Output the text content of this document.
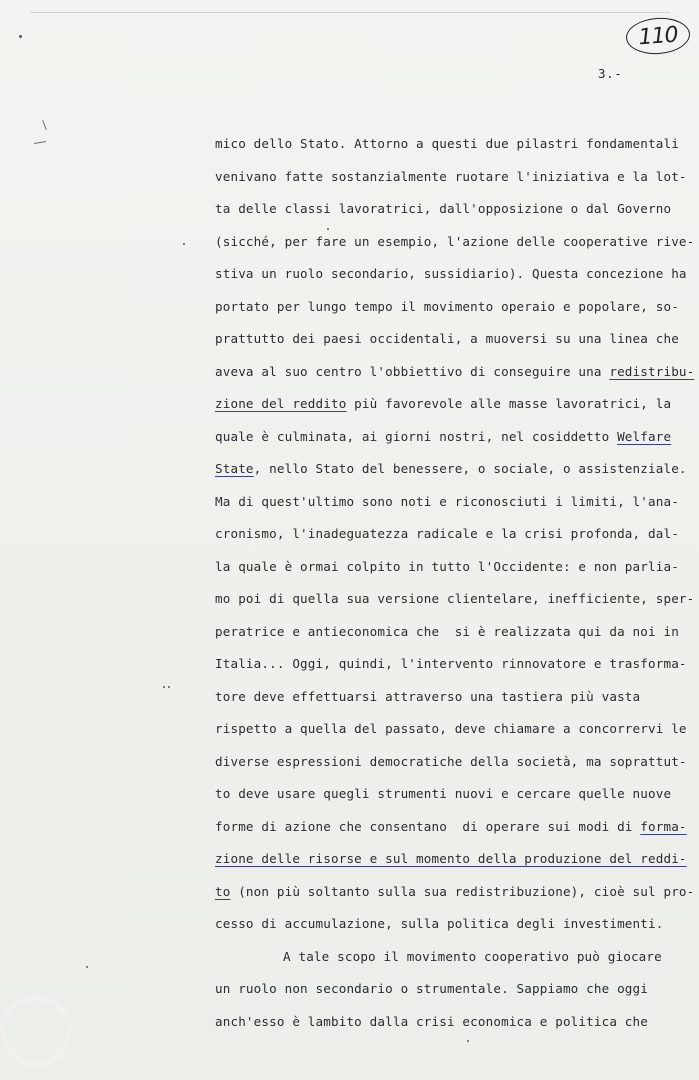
110
3.-
mico dello Stato. Attorno a questi due pilastri fondamentali
venivano fatte sostanzialmente ruotare l'iniziativa e la lot-
ta delle classi lavoratrici, dall'opposizione o dal Governo
(sicché, per fare un esempio, l'azione delle cooperative rive-
stiva un ruolo secondario, sussidiario). Questa concezione ha
portato per lungo tempo il movimento operaio e popolare, so-
prattutto dei paesi occidentali, a muoversi su una linea che
aveva al suo centro l'obbiettivo di conseguire una redistribu-
zione del reddito più favorevole alle masse lavoratrici, la
quale è culminata, ai giorni nostri, nel cosiddetto Welfare
State, nello Stato del benessere, o sociale, o assistenziale.
Ma di quest'ultimo sono noti e riconosciuti i limiti, l'ana-
cronismo, l'inadeguatezza radicale e la crisi profonda, dal-
la quale è ormai colpito in tutto l'Occidente: e non parlia-
mo poi di quella sua versione clientelare, inefficiente, sper-
peratrice e antieconomica che  si è realizzata qui da noi in
Italia... Oggi, quindi, l'intervento rinnovatore e trasforma-
tore deve effettuarsi attraverso una tastiera più vasta
rispetto a quella del passato, deve chiamare a concorrervi le
diverse espressioni democratiche della società, ma soprattut-
to deve usare quegli strumenti nuovi e cercare quelle nuove
forme di azione che consentano  di operare sui modi di forma-
zione delle risorse e sul momento della produzione del reddi-
to (non più soltanto sulla sua redistribuzione), cioè sul pro-
cesso di accumulazione, sulla politica degli investimenti.
A tale scopo il movimento cooperativo può giocare
un ruolo non secondario o strumentale. Sappiamo che oggi
anch'esso è lambito dalla crisi economica e politica che
